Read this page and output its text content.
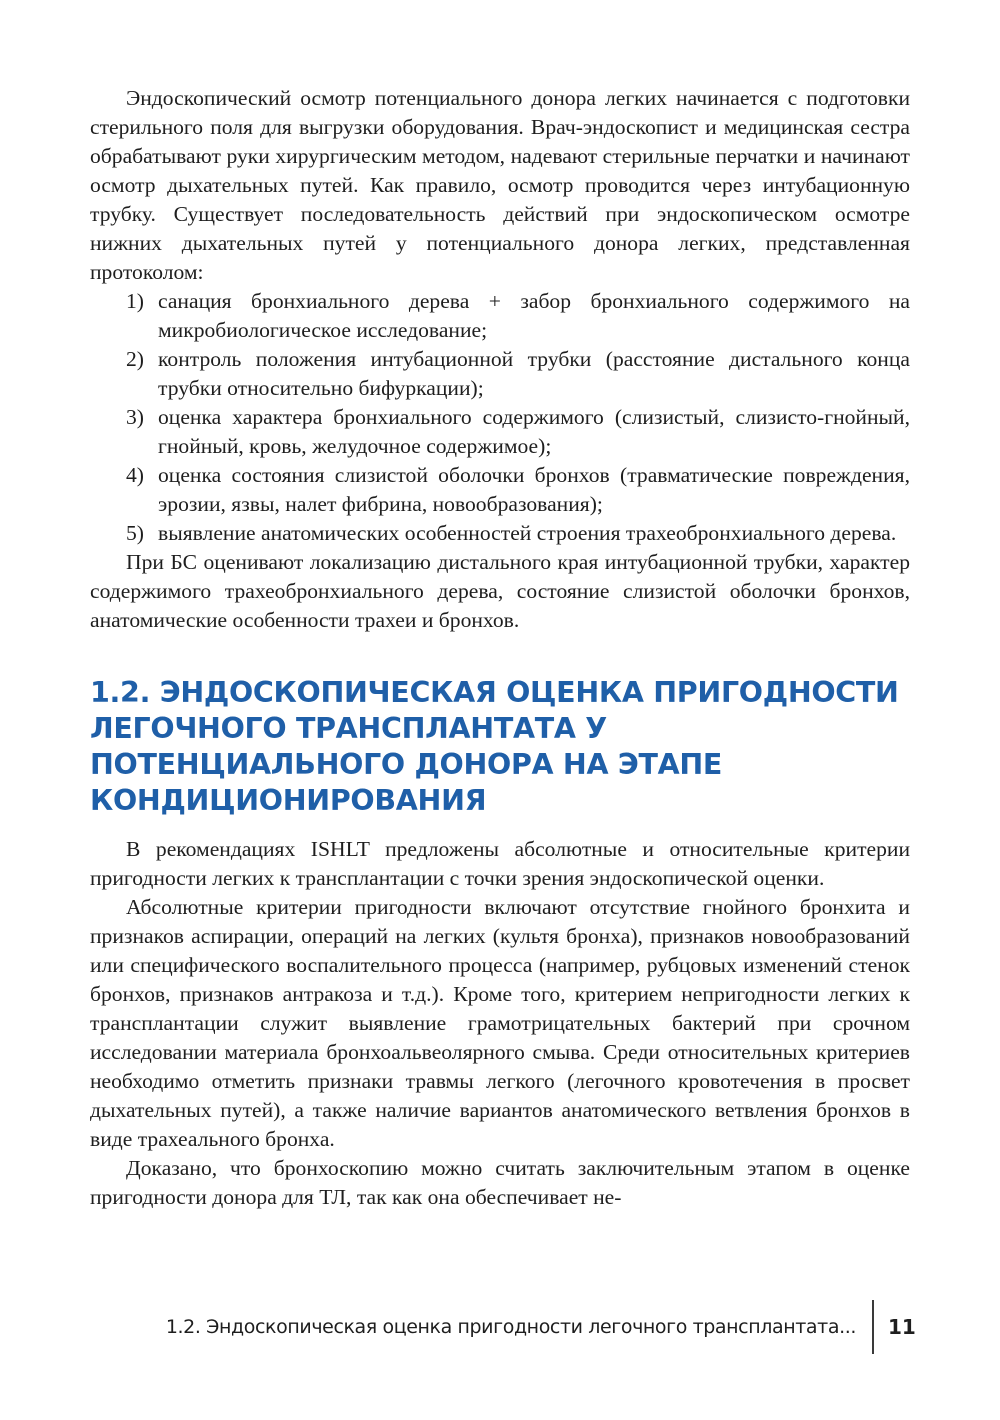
Эндоскопический осмотр потенциального донора легких начинается с подготовки стерильного поля для выгрузки оборудования. Врач-эндоскопист и медицинская сестра обрабатывают руки хирургическим методом, надевают стерильные перчатки и начинают осмотр дыхательных путей. Как правило, осмотр проводится через интубационную трубку. Существует последовательность действий при эндоскопическом осмотре нижних дыхательных путей у потенциального донора легких, представленная протоколом:

1) санация бронхиального дерева + забор бронхиального содержимого на микробиологическое исследование;
2) контроль положения интубационной трубки (расстояние дистального конца трубки относительно бифуркации);
3) оценка характера бронхиального содержимого (слизистый, слизисто-гнойный, гнойный, кровь, желудочное содержимое);
4) оценка состояния слизистой оболочки бронхов (травматические повреждения, эрозии, язвы, налет фибрина, новообразования);
5) выявление анатомических особенностей строения трахеобронхиального дерева.

При БС оценивают локализацию дистального края интубационной трубки, характер содержимого трахеобронхиального дерева, состояние слизистой оболочки бронхов, анатомические особенности трахеи и бронхов.

1.2. ЭНДОСКОПИЧЕСКАЯ ОЦЕНКА ПРИГОДНОСТИ ЛЕГОЧНОГО ТРАНСПЛАНТАТА У ПОТЕНЦИАЛЬНОГО ДОНОРА НА ЭТАПЕ КОНДИЦИОНИРОВАНИЯ

В рекомендациях ISHLT предложены абсолютные и относительные критерии пригодности легких к трансплантации с точки зрения эндоскопической оценки.

Абсолютные критерии пригодности включают отсутствие гнойного бронхита и признаков аспирации, операций на легких (культя бронха), признаков новообразований или специфического воспалительного процесса (например, рубцовых изменений стенок бронхов, признаков антракоза и т.д.). Кроме того, критерием непригодности легких к трансплантации служит выявление грамотрицательных бактерий при срочном исследовании материала бронхоальвеолярного смыва. Среди относительных критериев необходимо отметить признаки травмы легкого (легочного кровотечения в просвет дыхательных путей), а также наличие вариантов анатомического ветвления бронхов в виде трахеального бронха.

Доказано, что бронхоскопию можно считать заключительным этапом в оценке пригодности донора для ТЛ, так как она обеспечивает не-

1.2. Эндоскопическая оценка пригодности легочного трансплантата... 11
